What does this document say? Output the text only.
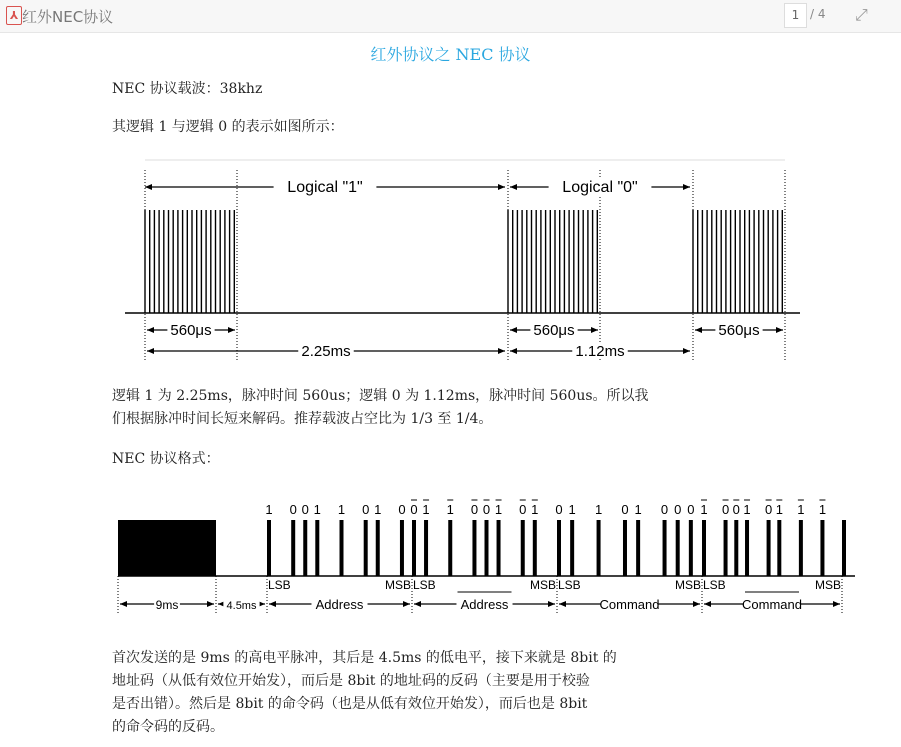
⅄ 红外NEC协议	1 / 4 ⤢
红外协议之 NEC 协议
NEC 协议载波：38khz
其逻辑 1 与逻辑 0 的表示如图所示：
Logical "1"	Logical "0"
560μs	560μs	560μs
2.25ms	1.12ms
逻辑 1 为 2.25ms，脉冲时间 560us；逻辑 0 为 1.12ms，脉冲时间 560us。所以我
们根据脉冲时间长短来解码。推荐载波占空比为 1/3 至 1/4。
NEC 协议格式：
1 0 0 1 1 0 1 0 0 1 1 0 0 1 0 1 0 1 1 0 1 0 0 0 1 0 0 1 0 1 1 1
9ms	4.5ms
LSB	MSB
Address
LSB	MSB
Address
LSB	MSB
Command
LSB	MSB
Command
首次发送的是 9ms 的高电平脉冲，其后是 4.5ms 的低电平，接下来就是 8bit 的
地址码（从低有效位开始发），而后是 8bit 的地址码的反码（主要是用于校验
是否出错）。然后是 8bit 的命令码（也是从低有效位开始发），而后也是 8bit
的命令码的反码。
